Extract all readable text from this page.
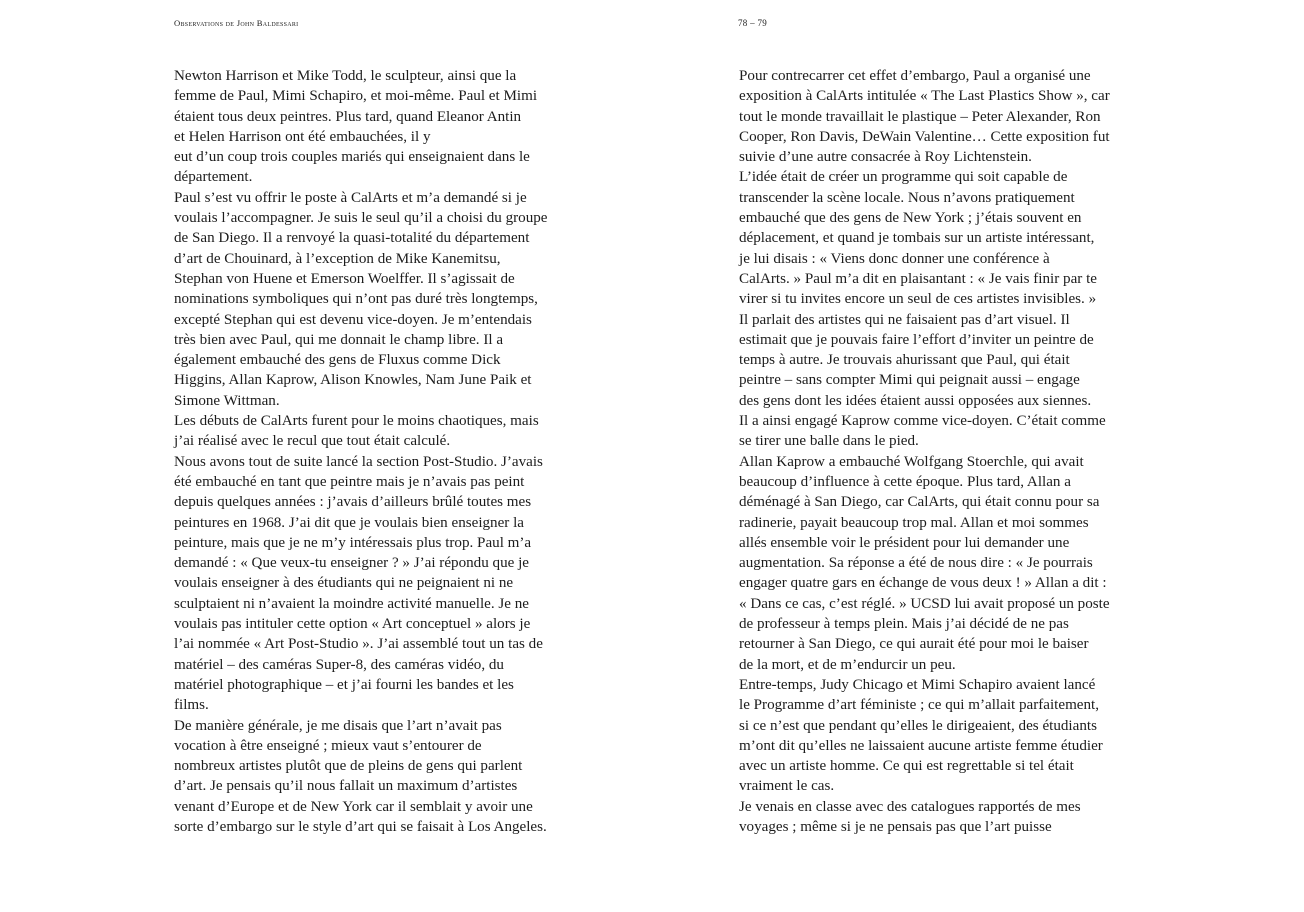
Observations de John Baldessari	78 – 79
Newton Harrison et Mike Todd, le sculpteur, ainsi que la
femme de Paul, Mimi Schapiro, et moi-même. Paul et Mimi
étaient tous deux peintres. Plus tard, quand Eleanor Antin
et Helen Harrison ont été embauchées, il y
eut d’un coup trois couples mariés qui enseignaient dans le
département.
Paul s’est vu offrir le poste à CalArts et m’a demandé si je
voulais l’accompagner. Je suis le seul qu’il a choisi du groupe
de San Diego. Il a renvoyé la quasi-totalité du département
d’art de Chouinard, à l’exception de Mike Kanemitsu,
Stephan von Huene et Emerson Woelffer. Il s’agissait de
nominations symboliques qui n’ont pas duré très longtemps,
excepté Stephan qui est devenu vice-doyen. Je m’entendais
très bien avec Paul, qui me donnait le champ libre. Il a
également embauché des gens de Fluxus comme Dick
Higgins, Allan Kaprow, Alison Knowles, Nam June Paik et
Simone Wittman.
Les débuts de CalArts furent pour le moins chaotiques, mais
j’ai réalisé avec le recul que tout était calculé.
Nous avons tout de suite lancé la section Post-Studio. J’avais
été embauché en tant que peintre mais je n’avais pas peint
depuis quelques années : j’avais d’ailleurs brûlé toutes mes
peintures en 1968. J’ai dit que je voulais bien enseigner la
peinture, mais que je ne m’y intéressais plus trop. Paul m’a
demandé : « Que veux-tu enseigner ? » J’ai répondu que je
voulais enseigner à des étudiants qui ne peignaient ni ne
sculptaient ni n’avaient la moindre activité manuelle. Je ne
voulais pas intituler cette option « Art conceptuel » alors je
l’ai nommée « Art Post-Studio ». J’ai assemblé tout un tas de
matériel – des caméras Super-8, des caméras vidéo, du
matériel photographique – et j’ai fourni les bandes et les
films.
De manière générale, je me disais que l’art n’avait pas
vocation à être enseigné ; mieux vaut s’entourer de
nombreux artistes plutôt que de pleins de gens qui parlent
d’art. Je pensais qu’il nous fallait un maximum d’artistes
venant d’Europe et de New York car il semblait y avoir une
sorte d’embargo sur le style d’art qui se faisait à Los Angeles.
Pour contrecarrer cet effet d’embargo, Paul a organisé une
exposition à CalArts intitulée « The Last Plastics Show », car
tout le monde travaillait le plastique – Peter Alexander, Ron
Cooper, Ron Davis, DeWain Valentine… Cette exposition fut
suivie d’une autre consacrée à Roy Lichtenstein.
L’idée était de créer un programme qui soit capable de
transcender la scène locale. Nous n’avons pratiquement
embauché que des gens de New York ; j’étais souvent en
déplacement, et quand je tombais sur un artiste intéressant,
je lui disais : « Viens donc donner une conférence à
CalArts. » Paul m’a dit en plaisantant : « Je vais finir par te
virer si tu invites encore un seul de ces artistes invisibles. »
Il parlait des artistes qui ne faisaient pas d’art visuel. Il
estimait que je pouvais faire l’effort d’inviter un peintre de
temps à autre. Je trouvais ahurissant que Paul, qui était
peintre – sans compter Mimi qui peignait aussi – engage
des gens dont les idées étaient aussi opposées aux siennes.
Il a ainsi engagé Kaprow comme vice-doyen. C’était comme
se tirer une balle dans le pied.
Allan Kaprow a embauché Wolfgang Stoerchle, qui avait
beaucoup d’influence à cette époque. Plus tard, Allan a
déménagé à San Diego, car CalArts, qui était connu pour sa
radinerie, payait beaucoup trop mal. Allan et moi sommes
allés ensemble voir le président pour lui demander une
augmentation. Sa réponse a été de nous dire : « Je pourrais
engager quatre gars en échange de vous deux ! » Allan a dit :
« Dans ce cas, c’est réglé. » UCSD lui avait proposé un poste
de professeur à temps plein. Mais j’ai décidé de ne pas
retourner à San Diego, ce qui aurait été pour moi le baiser
de la mort, et de m’endurcir un peu.
Entre-temps, Judy Chicago et Mimi Schapiro avaient lancé
le Programme d’art féministe ; ce qui m’allait parfaitement,
si ce n’est que pendant qu’elles le dirigeaient, des étudiants
m’ont dit qu’elles ne laissaient aucune artiste femme étudier
avec un artiste homme. Ce qui est regrettable si tel était
vraiment le cas.
Je venais en classe avec des catalogues rapportés de mes
voyages ; même si je ne pensais pas que l’art puisse
